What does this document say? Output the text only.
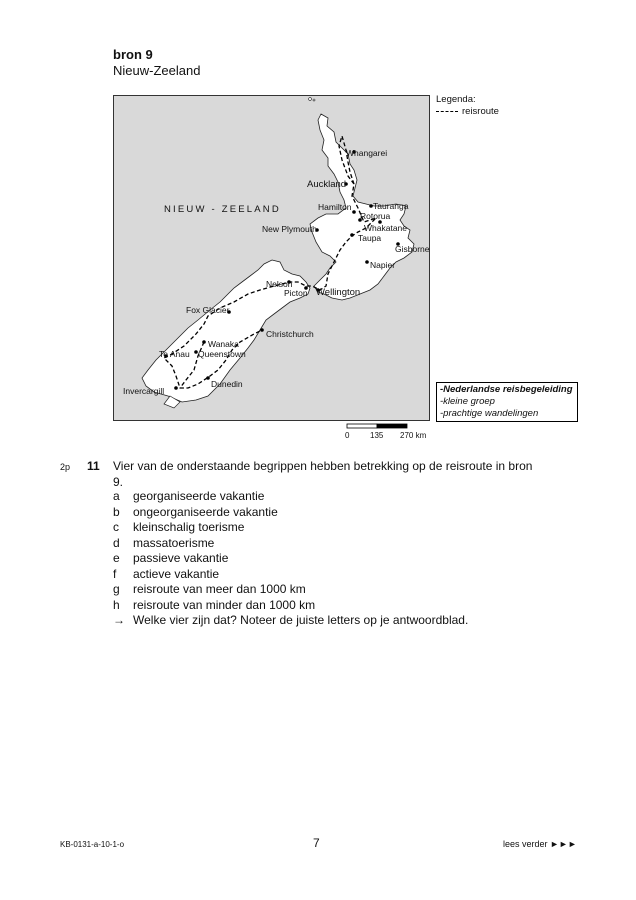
bron 9
Nieuw-Zeeland
Whangarei
Auckland
Tauranga
Hamilton
Rotorua
Whakatane
New Plymouth
Taupa
Gisborne
Napier
Nelson
Picton Wellington
Fox Glacier
Christchurch
Wanaka
Te Anau Queenstown
Dunedin
Invercargill
NIEUW - ZEELAND
Legenda:
reisroute
-Nederlandse reisbegeleiding
-kleine groep
-prachtige wandelingen
0	135 270 km
2p 11 Vier van de onderstaande begrippen hebben betrekking op de reisroute in bron 9.
a	georganiseerde vakantie
b	ongeorganiseerde vakantie
c	kleinschalig toerisme
d	massatoerisme
e	passieve vakantie
f	actieve vakantie
g	reisroute van meer dan 1000 km
h	reisroute van minder dan 1000 km
→ Welke vier zijn dat? Noteer de juiste letters op je antwoordblad.
KB-0131-a-10-1-o	7	lees verder ►►►
